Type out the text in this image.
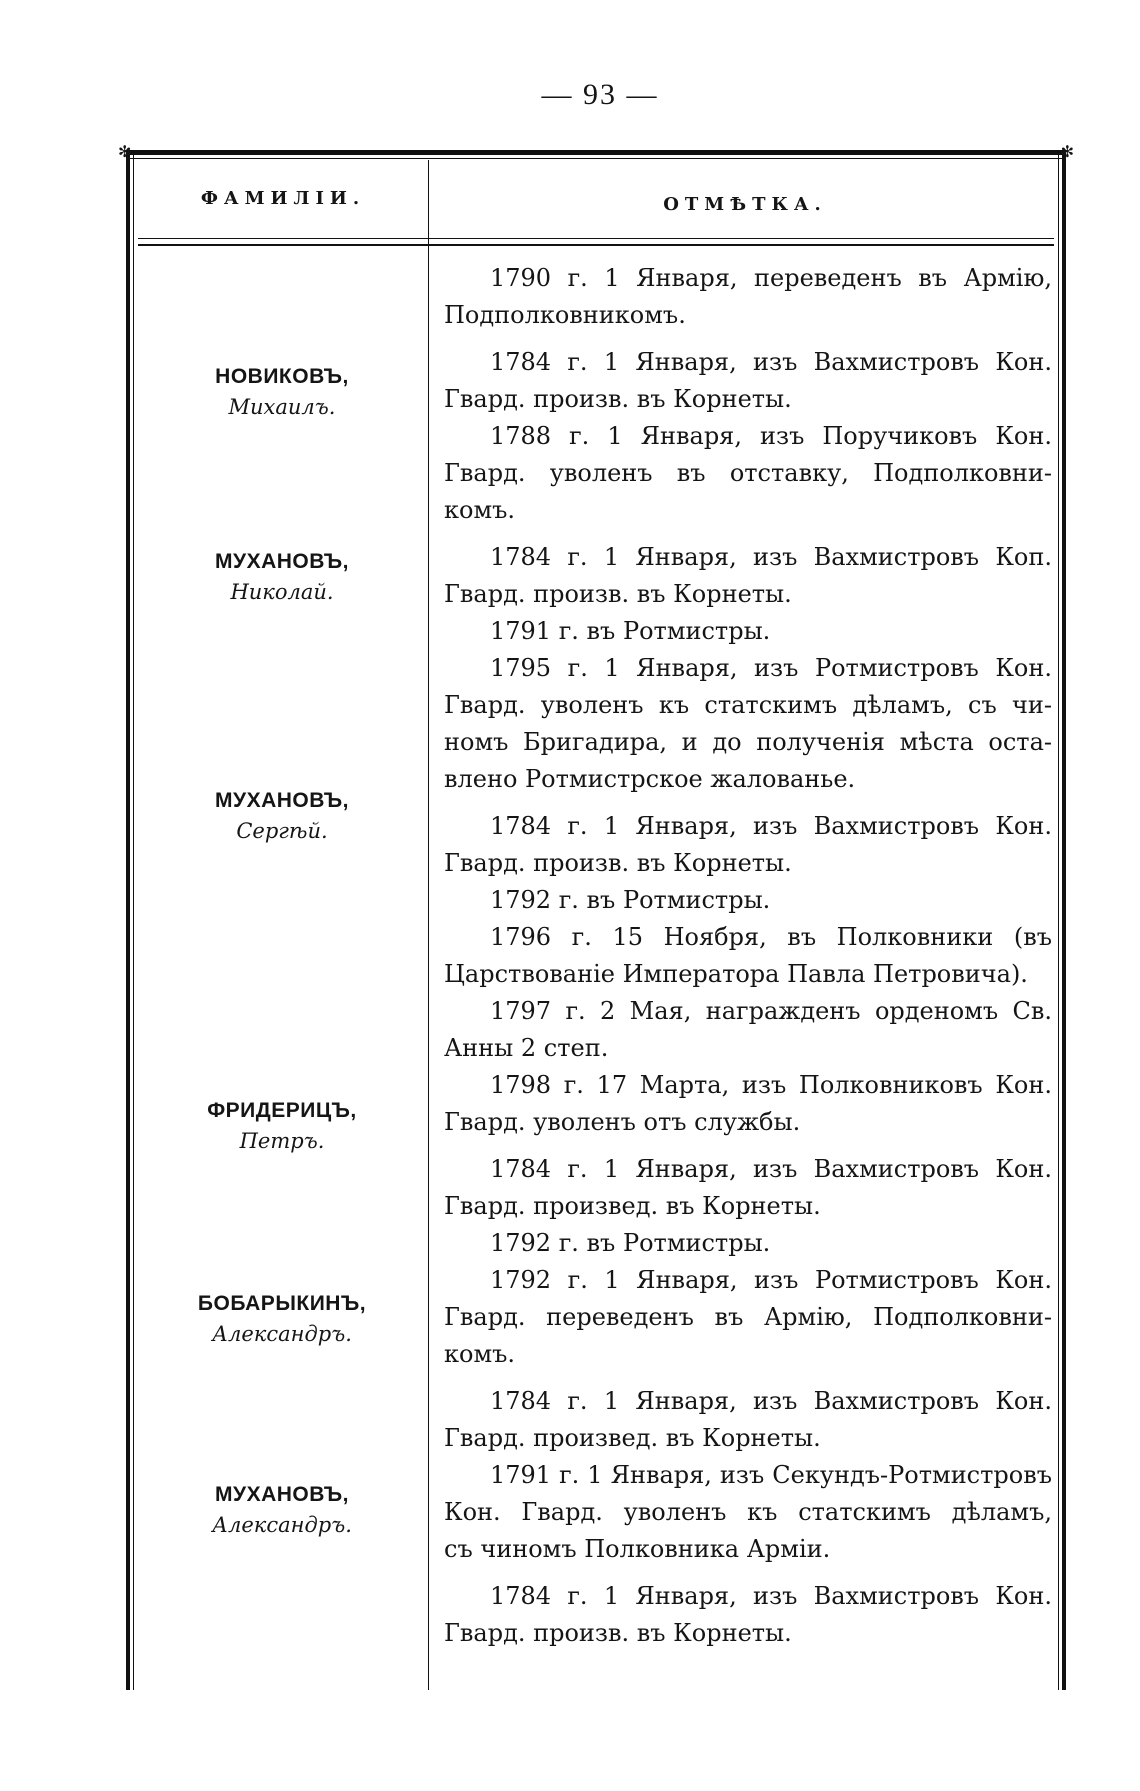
— 93 —
✻	✻
ФАМИЛІИ.	ОТМѢТКА.
НОВИКОВЪ,
Михаилъ.
МУХАНОВЪ,
Николай.
МУХАНОВЪ,
Сергѣй.
ФРИДЕРИЦЪ,
Петръ.
БОБАРЫКИНЪ,
Александръ.
МУХАНОВЪ,
Александръ.
1790 г. 1 Января, переведенъ въ Армію,
Подполковникомъ.
1784 г. 1 Января, изъ Вахмистровъ Кон.
Гвард. произв. въ Корнеты.
1788 г. 1 Января, изъ Поручиковъ Кон.
Гвард. уволенъ въ отставку, Подполковни-
комъ.
1784 г. 1 Января, изъ Вахмистровъ Коп.
Гвард. произв. въ Корнеты.
1791 г. въ Ротмистры.
1795 г. 1 Января, изъ Ротмистровъ Кон.
Гвард. уволенъ къ статскимъ дѣламъ, съ чи-
номъ Бригадира, и до полученія мѣста оста-
влено Ротмистрское жалованье.
1784 г. 1 Января, изъ Вахмистровъ Кон.
Гвард. произв. въ Корнеты.
1792 г. въ Ротмистры.
1796 г. 15 Ноября, въ Полковники (въ
Царствованіе Императора Павла Петровича).
1797 г. 2 Мая, награжденъ орденомъ Св.
Анны 2 степ.
1798 г. 17 Марта, изъ Полковниковъ Кон.
Гвард. уволенъ отъ службы.
1784 г. 1 Января, изъ Вахмистровъ Кон.
Гвард. произвед. въ Корнеты.
1792 г. въ Ротмистры.
1792 г. 1 Января, изъ Ротмистровъ Кон.
Гвард. переведенъ въ Армію, Подполковни-
комъ.
1784 г. 1 Января, изъ Вахмистровъ Кон.
Гвард. произвед. въ Корнеты.
1791 г. 1 Января, изъ Секундъ-Ротмистровъ
Кон. Гвард. уволенъ къ статскимъ дѣламъ,
съ чиномъ Полковника Арміи.
1784 г. 1 Января, изъ Вахмистровъ Кон.
Гвард. произв. въ Корнеты.
